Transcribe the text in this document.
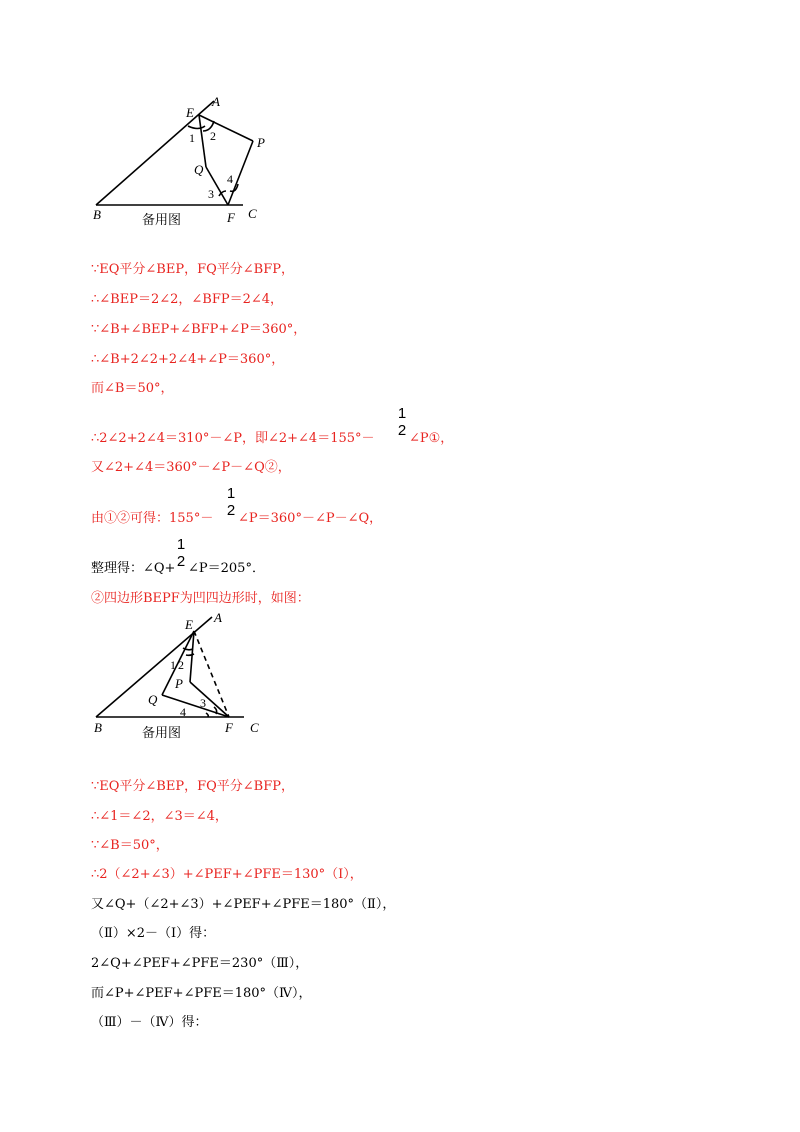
E
A
P
Q
B	F C
1 2
3
4
备用图
∵EQ平分∠BEP，FQ平分∠BFP，
∴∠BEP＝2∠2，∠BFP＝2∠4，
∵∠B+∠BEP+∠BFP+∠P＝360°，
∴∠B+2∠2+2∠4+∠P＝360°，
而∠B＝50°，
∴2∠2+2∠4＝310°－∠P，即∠2+∠4＝155°－
1
2 ∠P①，
又∠2+∠4＝360°－∠P－∠Q②，
由①②可得：155°－
1
2 ∠P＝360°－∠P－∠Q，
整理得：∠Q+
1
2 ∠P＝205°．
②四边形BEPF为凹四边形时，如图：
E A
P
Q
B	F C
1 2
3
4
备用图
∵EQ平分∠BEP，FQ平分∠BFP，
∴∠1＝∠2，∠3＝∠4，
∵∠B＝50°，
∴2（∠2+∠3）+∠PEF+∠PFE＝130°（Ⅰ），
又∠Q+（∠2+∠3）+∠PEF+∠PFE＝180°（Ⅱ），
（Ⅱ）×2－（Ⅰ）得：
2∠Q+∠PEF+∠PFE＝230°（Ⅲ），
而∠P+∠PEF+∠PFE＝180°（Ⅳ），
（Ⅲ）－（Ⅳ）得：
